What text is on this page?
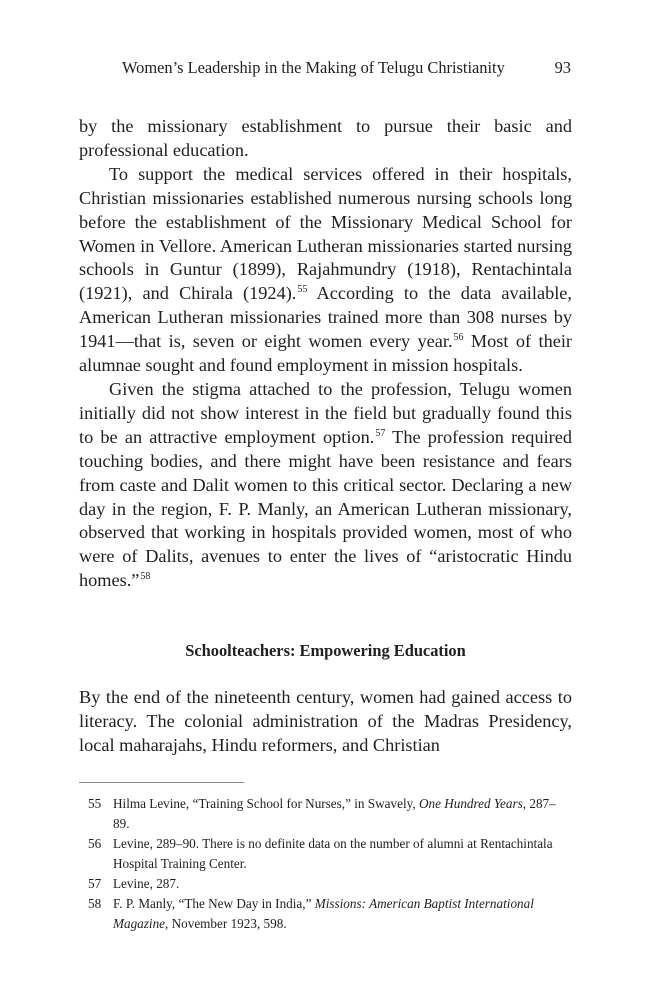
Women’s Leadership in the Making of Telugu Christianity	93

by the missionary establishment to pursue their basic and professional education.

To support the medical services offered in their hospitals, Christian missionaries established numerous nursing schools long before the establishment of the Missionary Medical School for Women in Vellore. American Lutheran missionaries started nursing schools in Guntur (1899), Rajahmundry (1918), Rentachintala (1921), and Chirala (1924).$^{55}$ According to the data available, American Lutheran missionaries trained more than 308 nurses by 1941—that is, seven or eight women every year.$^{56}$ Most of their alumnae sought and found employment in mission hospitals.

Given the stigma attached to the profession, Telugu women initially did not show interest in the field but gradually found this to be an attractive employment option.$^{57}$ The profession required touching bodies, and there might have been resistance and fears from caste and Dalit women to this critical sector. Declaring a new day in the region, F. P. Manly, an American Lutheran missionary, observed that working in hospitals provided women, most of who were of Dalits, avenues to enter the lives of “aristocratic Hindu homes.”$^{58}$

Schoolteachers: Empowering Education

By the end of the nineteenth century, women had gained access to literacy. The colonial administration of the Madras Presidency, local maharajahs, Hindu reformers, and Christian

55 Hilma Levine, “Training School for Nurses,” in Swavely, One Hundred Years, 287–89.
56 Levine, 289–90. There is no definite data on the number of alumni at Rentachintala Hospital Training Center.
57 Levine, 287.
58 F. P. Manly, “The New Day in India,” Missions: American Baptist International Magazine, November 1923, 598.
